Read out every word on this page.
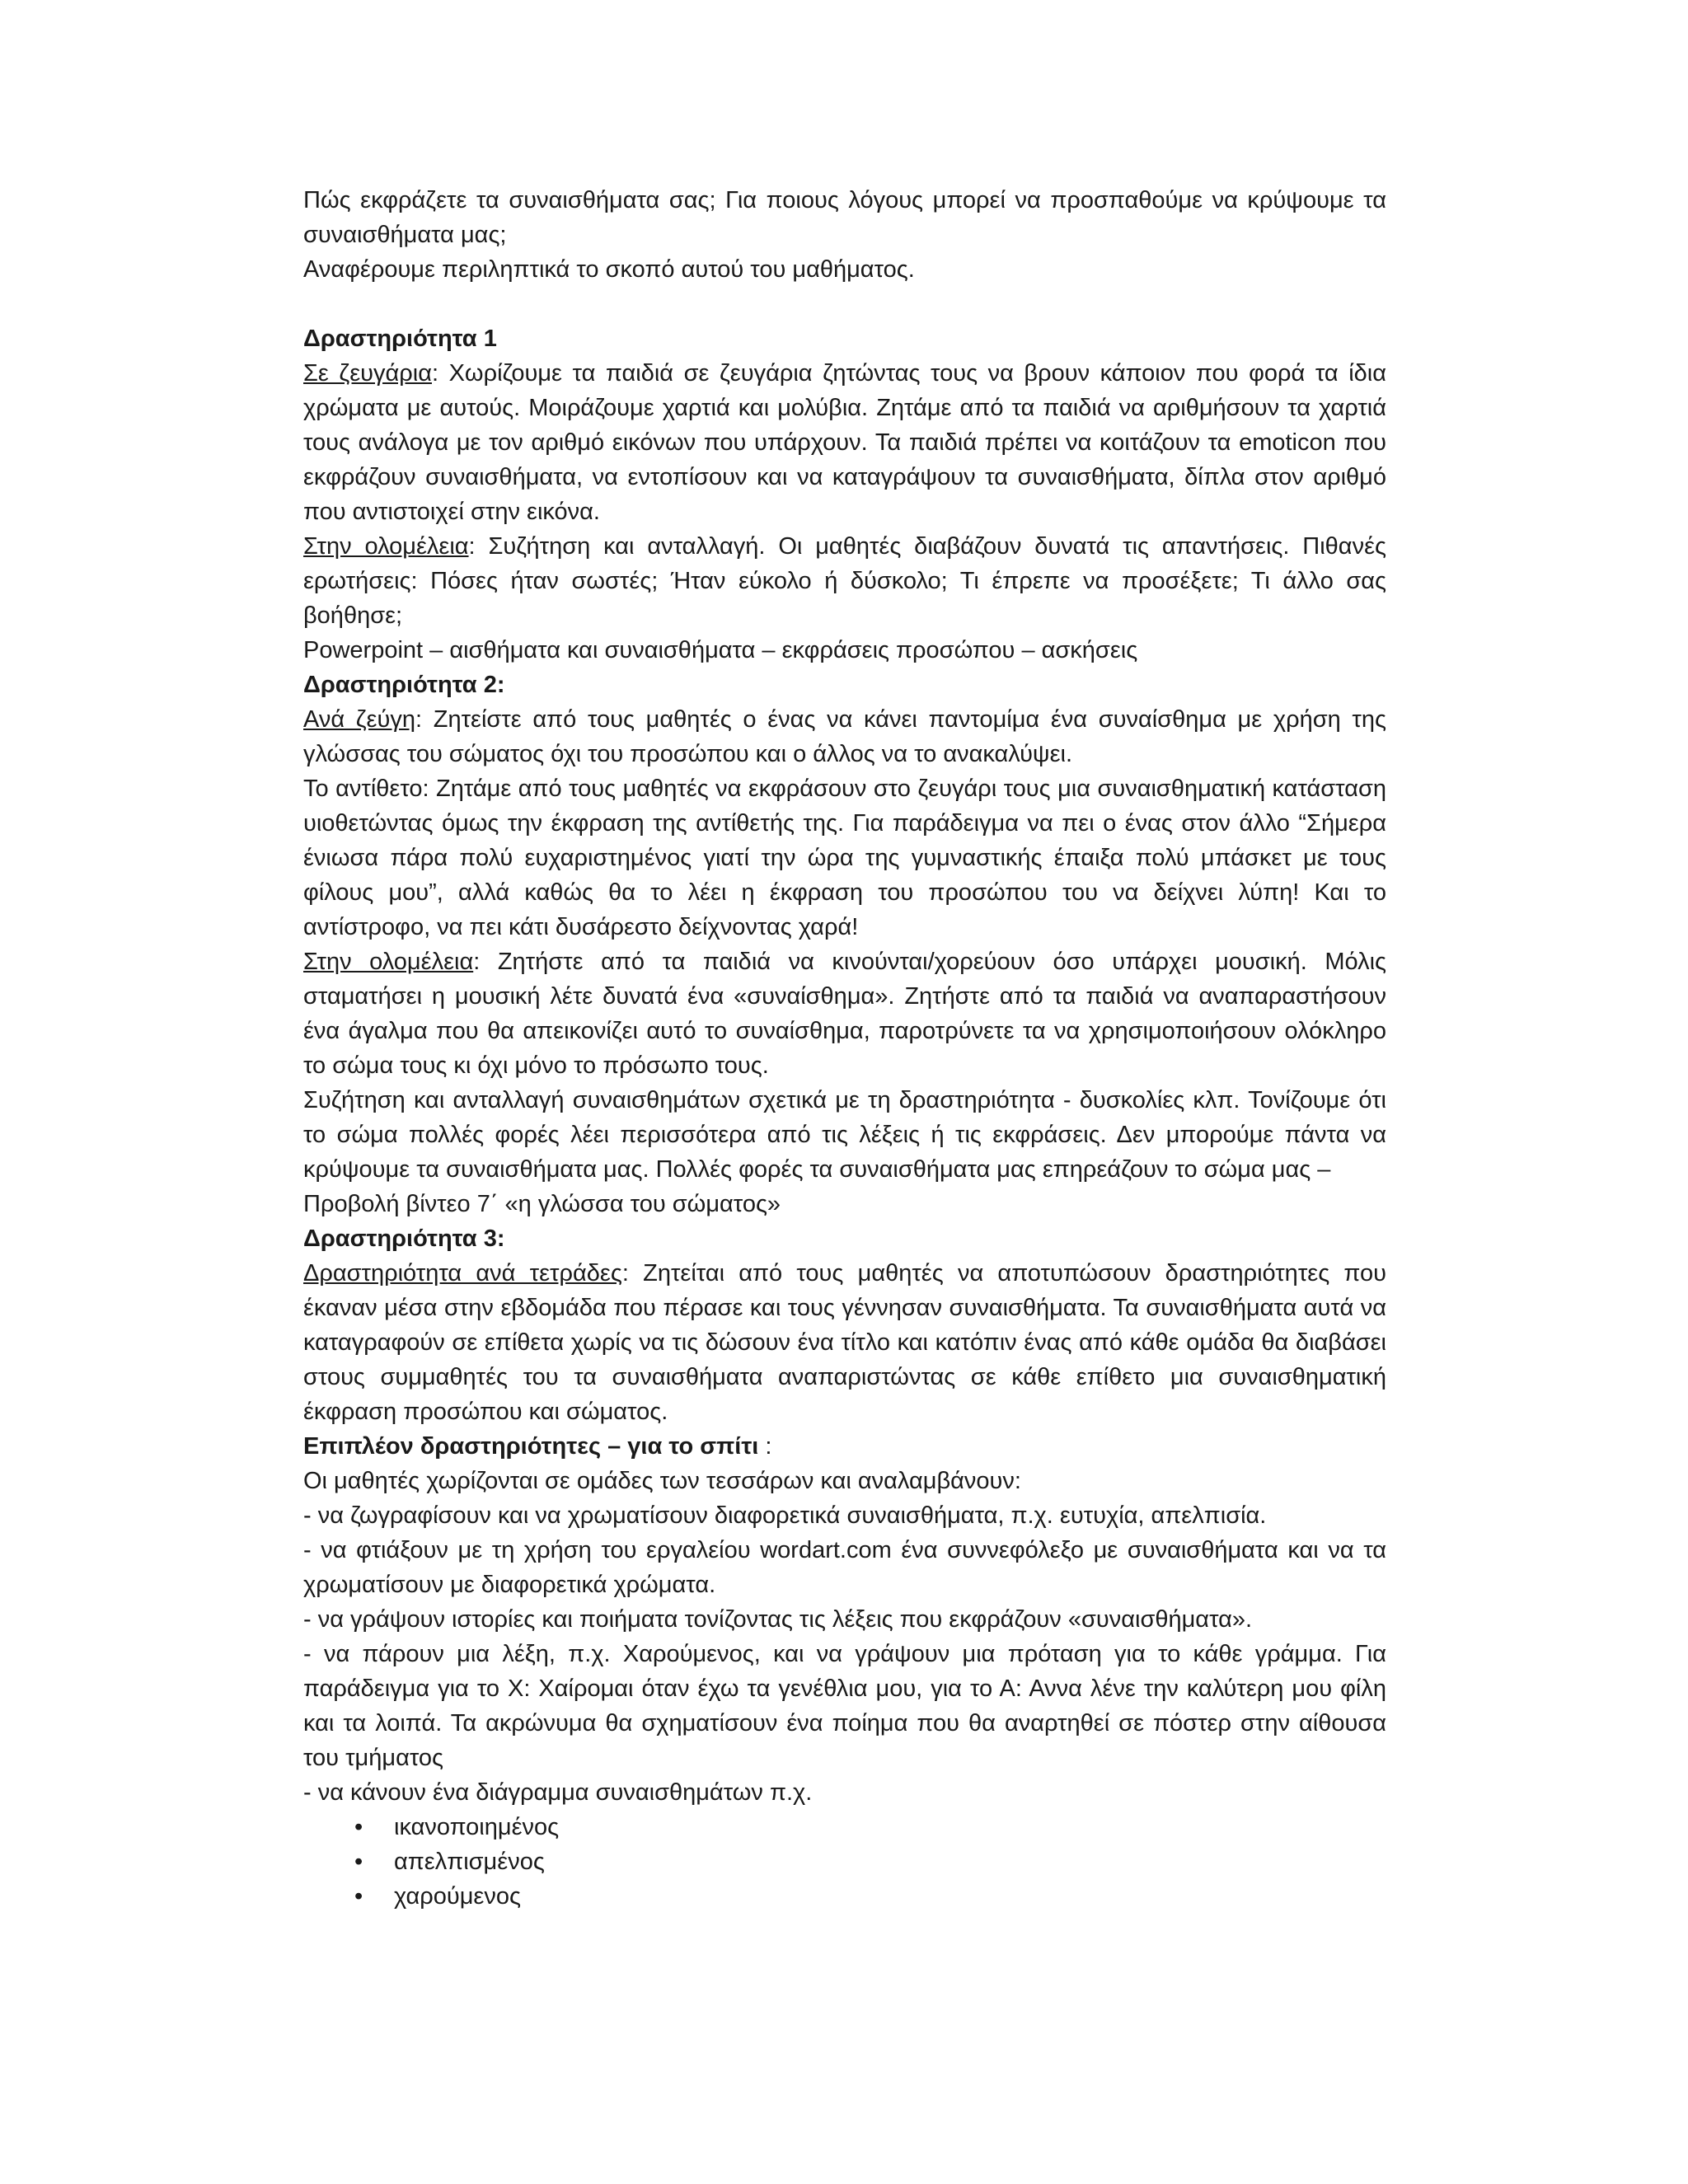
Πώς εκφράζετε τα συναισθήματα σας; Για ποιους λόγους μπορεί να προσπαθούμε να κρύψουμε τα συναισθήματα μας;

Αναφέρουμε περιληπτικά το σκοπό αυτού του μαθήματος.

Δραστηριότητα 1

Σε ζευγάρια: Χωρίζουμε τα παιδιά σε ζευγάρια ζητώντας τους να βρουν κάποιον που φορά τα ίδια χρώματα με αυτούς. Μοιράζουμε χαρτιά και μολύβια. Ζητάμε από τα παιδιά να αριθμήσουν τα χαρτιά τους ανάλογα με τον αριθμό εικόνων που υπάρχουν. Τα παιδιά πρέπει να κοιτάζουν τα emoticon που εκφράζουν συναισθήματα, να εντοπίσουν και να καταγράψουν τα συναισθήματα, δίπλα στον αριθμό που αντιστοιχεί στην εικόνα.

Στην ολομέλεια: Συζήτηση και ανταλλαγή. Οι μαθητές διαβάζουν δυνατά τις απαντήσεις. Πιθανές ερωτήσεις: Πόσες ήταν σωστές; Ήταν εύκολο ή δύσκολο; Τι έπρεπε να προσέξετε; Τι άλλο σας βοήθησε;

Powerpoint – αισθήματα και συναισθήματα – εκφράσεις προσώπου – ασκήσεις

Δραστηριότητα 2:

Ανά ζεύγη: Ζητείστε από τους μαθητές ο ένας να κάνει παντομίμα ένα συναίσθημα με χρήση της γλώσσας του σώματος όχι του προσώπου και ο άλλος να το ανακαλύψει.

Το αντίθετο: Ζητάμε από τους μαθητές να εκφράσουν στο ζευγάρι τους μια συναισθηματική κατάσταση υιοθετώντας όμως την έκφραση της αντίθετής της. Για παράδειγμα να πει ο ένας στον άλλο “Σήμερα ένιωσα πάρα πολύ ευχαριστημένος γιατί την ώρα της γυμναστικής έπαιξα πολύ μπάσκετ με τους φίλους μου”, αλλά καθώς θα το λέει η έκφραση του προσώπου του να δείχνει λύπη! Και το αντίστροφο, να πει κάτι δυσάρεστο δείχνοντας χαρά!

Στην ολομέλεια: Ζητήστε από τα παιδιά να κινούνται/χορεύουν όσο υπάρχει μουσική. Μόλις σταματήσει η μουσική λέτε δυνατά ένα «συναίσθημα». Ζητήστε από τα παιδιά να αναπαραστήσουν ένα άγαλμα που θα απεικονίζει αυτό το συναίσθημα, παροτρύνετε τα να χρησιμοποιήσουν ολόκληρο το σώμα τους κι όχι μόνο το πρόσωπο τους.

Συζήτηση και ανταλλαγή συναισθημάτων σχετικά με τη δραστηριότητα - δυσκολίες κλπ. Τονίζουμε ότι το σώμα πολλές φορές λέει περισσότερα από τις λέξεις ή τις εκφράσεις. Δεν μπορούμε πάντα να κρύψουμε τα συναισθήματα μας. Πολλές φορές τα συναισθήματα μας επηρεάζουν το σώμα μας –

Προβολή βίντεο 7΄ «η γλώσσα του σώματος»

Δραστηριότητα 3:

Δραστηριότητα ανά τετράδες: Ζητείται από τους μαθητές να αποτυπώσουν δραστηριότητες που έκαναν μέσα στην εβδομάδα που πέρασε και τους γέννησαν συναισθήματα. Τα συναισθήματα αυτά να καταγραφούν σε επίθετα χωρίς να τις δώσουν ένα τίτλο και κατόπιν ένας από κάθε ομάδα θα διαβάσει στους συμμαθητές του τα συναισθήματα αναπαριστώντας σε κάθε επίθετο μια συναισθηματική έκφραση προσώπου και σώματος.

Επιπλέον δραστηριότητες – για το σπίτι :

Οι μαθητές χωρίζονται σε ομάδες των τεσσάρων και αναλαμβάνουν:

- να ζωγραφίσουν και να χρωματίσουν διαφορετικά συναισθήματα, π.χ. ευτυχία, απελπισία.

- να φτιάξουν με τη χρήση του εργαλείου wordart.com ένα συννεφόλεξο με συναισθήματα και να τα χρωματίσουν με διαφορετικά χρώματα.

- να γράψουν ιστορίες και ποιήματα τονίζοντας τις λέξεις που εκφράζουν «συναισθήματα».

- να πάρουν μια λέξη, π.χ. Χαρούμενος, και να γράψουν μια πρόταση για το κάθε γράμμα. Για παράδειγμα για το Χ: Χαίρομαι όταν έχω τα γενέθλια μου, για το Α: Αννα λένε την καλύτερη μου φίλη και τα λοιπά. Τα ακρώνυμα θα σχηματίσουν ένα ποίημα που θα αναρτηθεί σε πόστερ στην αίθουσα του τμήματος

- να κάνουν ένα διάγραμμα συναισθημάτων π.χ.

• ικανοποιημένος
• απελπισμένος
• χαρούμενος
